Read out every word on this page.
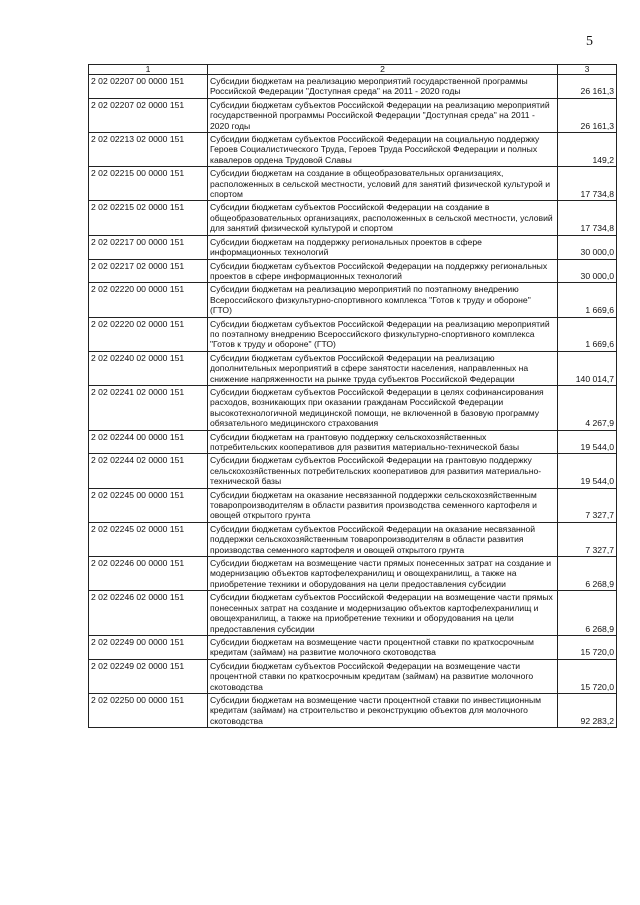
5
1	2	3
2 02 02207 00 0000 151	Субсидии бюджетам на реализацию мероприятий государственной программы Российской Федерации "Доступная среда" на 2011 - 2020 годы	26 161,3
2 02 02207 02 0000 151	Субсидии бюджетам субъектов Российской Федерации на реализацию мероприятий государственной программы Российской Федерации "Доступная среда" на 2011 - 2020 годы	26 161,3
2 02 02213 02 0000 151	Субсидии бюджетам субъектов Российской Федерации на социальную поддержку Героев Социалистического Труда, Героев Труда Российской Федерации и полных кавалеров ордена Трудовой Славы	149,2
2 02 02215 00 0000 151	Субсидии бюджетам на создание в общеобразовательных организациях, расположенных в сельской местности, условий для занятий физической культурой и спортом	17 734,8
2 02 02215 02 0000 151	Субсидии бюджетам субъектов Российской Федерации на создание в общеобразовательных организациях, расположенных в сельской местности, условий для занятий физической культурой и спортом	17 734,8
2 02 02217 00 0000 151	Субсидии бюджетам на поддержку региональных проектов в сфере информационных технологий	30 000,0
2 02 02217 02 0000 151	Субсидии бюджетам субъектов Российской Федерации на поддержку региональных проектов в сфере информационных технологий	30 000,0
2 02 02220 00 0000 151	Субсидии бюджетам на реализацию мероприятий по поэтапному внедрению Всероссийского физкультурно-спортивного комплекса "Готов к труду и обороне" (ГТО)	1 669,6
2 02 02220 02 0000 151	Субсидии бюджетам субъектов Российской Федерации на реализацию мероприятий по поэтапному внедрению Всероссийского физкультурно-спортивного комплекса "Готов к труду и обороне" (ГТО)	1 669,6
2 02 02240 02 0000 151	Субсидии бюджетам субъектов Российской Федерации на реализацию дополнительных мероприятий в сфере занятости населения, направленных на снижение напряженности на рынке труда субъектов Российской Федерации	140 014,7
2 02 02241 02 0000 151	Субсидии бюджетам субъектов Российской Федерации в целях софинансирования расходов, возникающих при оказании гражданам Российской Федерации высокотехнологичной медицинской помощи, не включенной в базовую программу обязательного медицинского страхования	4 267,9
2 02 02244 00 0000 151	Субсидии бюджетам на грантовую поддержку сельскохозяйственных потребительских кооперативов для развития материально-технической базы	19 544,0
2 02 02244 02 0000 151	Субсидии бюджетам субъектов Российской Федерации на грантовую поддержку сельскохозяйственных потребительских кооперативов для развития материально-технической базы	19 544,0
2 02 02245 00 0000 151	Субсидии бюджетам на оказание несвязанной поддержки сельскохозяйственным товаропроизводителям в области развития производства семенного картофеля и овощей открытого грунта	7 327,7
2 02 02245 02 0000 151	Субсидии бюджетам субъектов Российской Федерации на оказание несвязанной поддержки сельскохозяйственным товаропроизводителям в области развития производства семенного картофеля и овощей открытого грунта	7 327,7
2 02 02246 00 0000 151	Субсидии бюджетам на возмещение части прямых понесенных затрат на создание и модернизацию объектов картофелехранилищ и овощехранилищ, а также на приобретение техники и оборудования на цели предоставления субсидии	6 268,9
2 02 02246 02 0000 151	Субсидии бюджетам субъектов Российской Федерации на возмещение части прямых понесенных затрат на создание и модернизацию объектов картофелехранилищ и овощехранилищ, а также на приобретение техники и оборудования на цели предоставления субсидии	6 268,9
2 02 02249 00 0000 151	Субсидии бюджетам на возмещение части процентной ставки по краткосрочным кредитам (займам) на развитие молочного скотоводства	15 720,0
2 02 02249 02 0000 151	Субсидии бюджетам субъектов Российской Федерации на возмещение части процентной ставки по краткосрочным кредитам (займам) на развитие молочного скотоводства	15 720,0
2 02 02250 00 0000 151	Субсидии бюджетам на возмещение части процентной ставки по инвестиционным кредитам (займам) на строительство и реконструкцию объектов для молочного скотоводства	92 283,2
